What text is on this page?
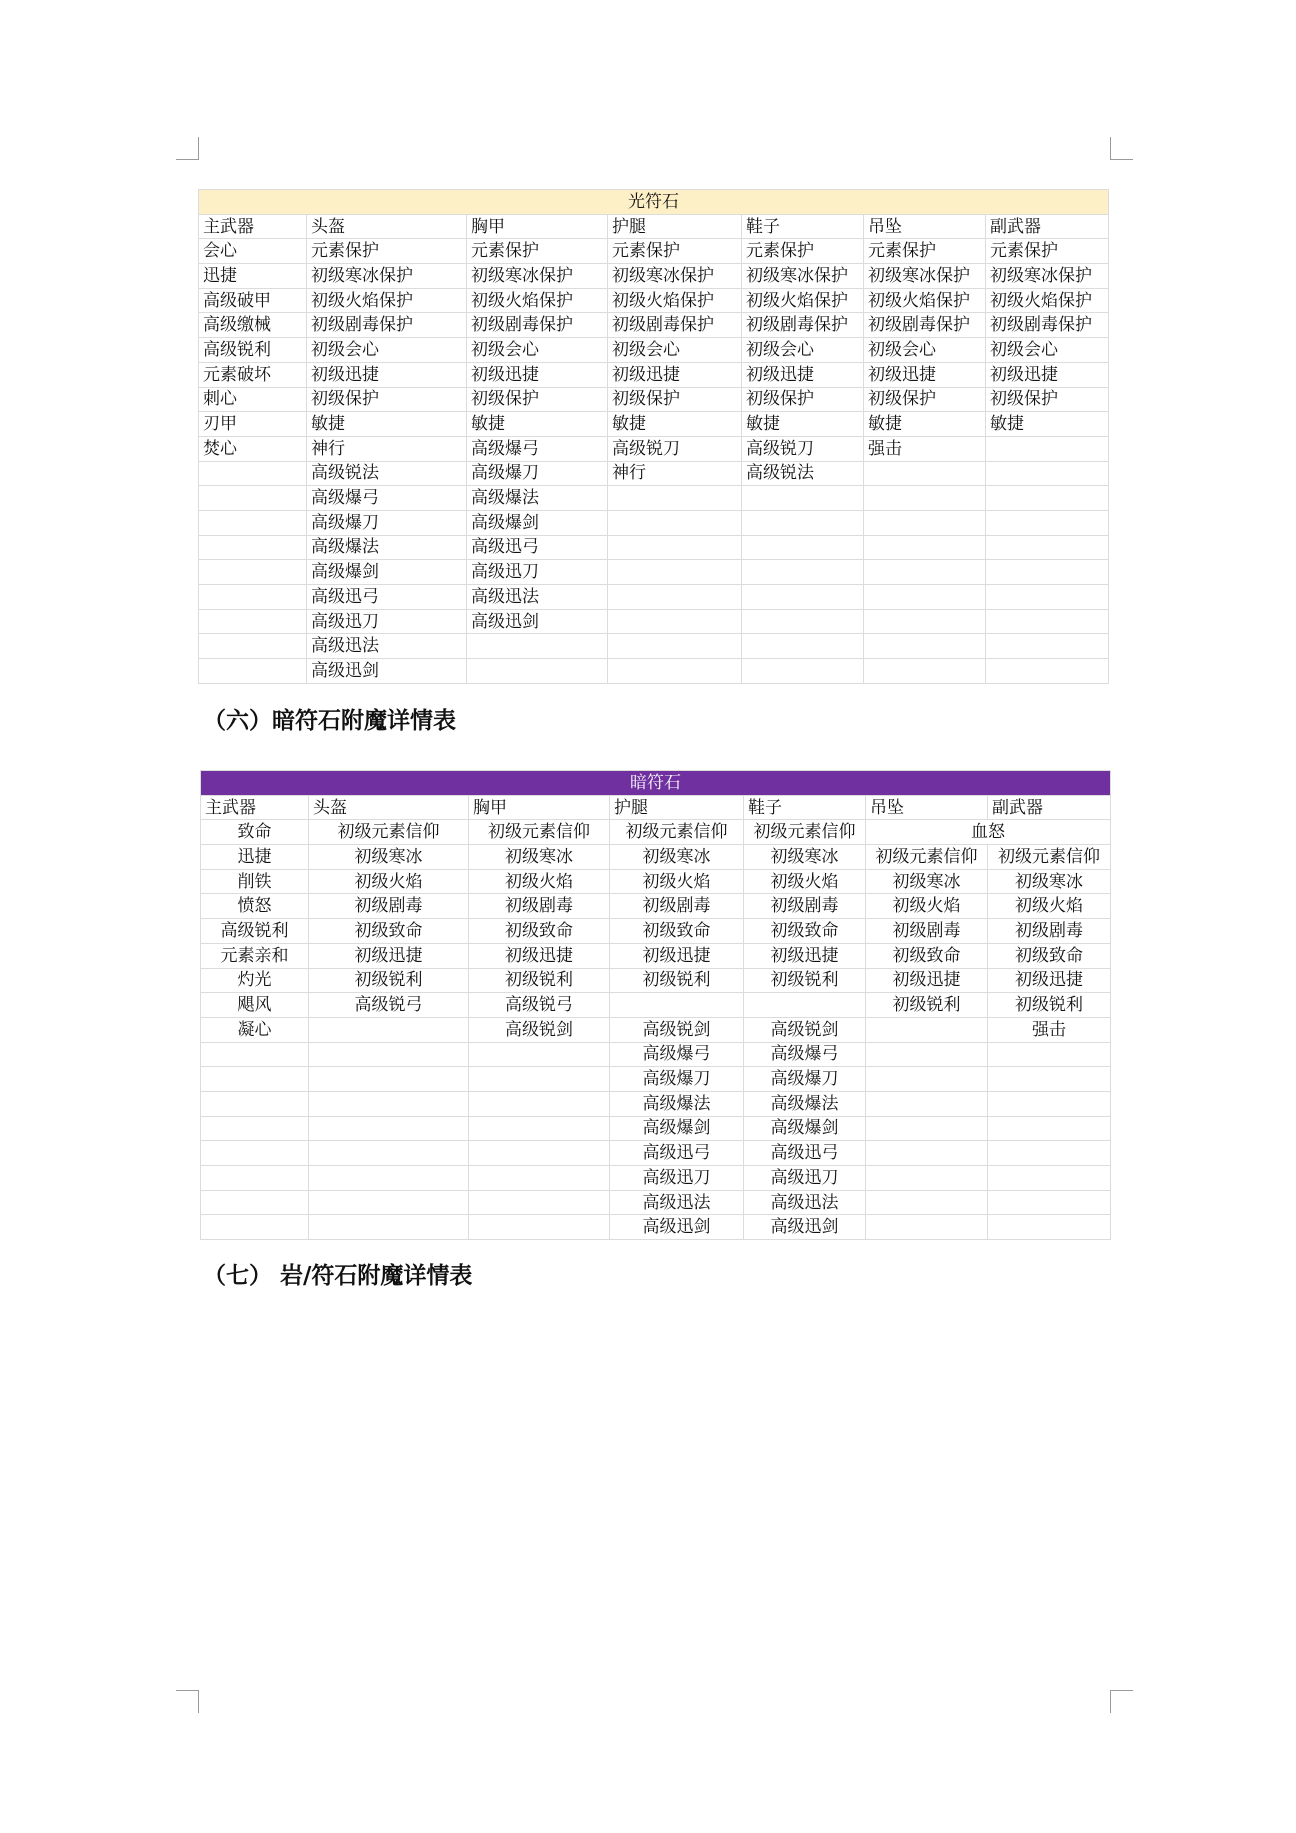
光符石						
主武器	头盔	胸甲	护腿	鞋子	吊坠	副武器
会心	元素保护	元素保护	元素保护	元素保护	元素保护	元素保护
迅捷	初级寒冰保护	初级寒冰保护	初级寒冰保护	初级寒冰保护	初级寒冰保护	初级寒冰保护
高级破甲	初级火焰保护	初级火焰保护	初级火焰保护	初级火焰保护	初级火焰保护	初级火焰保护
高级缴械	初级剧毒保护	初级剧毒保护	初级剧毒保护	初级剧毒保护	初级剧毒保护	初级剧毒保护
高级锐利	初级会心	初级会心	初级会心	初级会心	初级会心	初级会心
元素破坏	初级迅捷	初级迅捷	初级迅捷	初级迅捷	初级迅捷	初级迅捷
刺心	初级保护	初级保护	初级保护	初级保护	初级保护	初级保护
刃甲	敏捷	敏捷	敏捷	敏捷	敏捷	敏捷
焚心	神行	高级爆弓	高级锐刀	高级锐刀	强击	
	高级锐法	高级爆刀	神行	高级锐法		
	高级爆弓	高级爆法				
	高级爆刀	高级爆剑				
	高级爆法	高级迅弓				
	高级爆剑	高级迅刀				
	高级迅弓	高级迅法				
	高级迅刀	高级迅剑				
	高级迅法					
	高级迅剑					
（六）暗符石附魔详情表
暗符石						
主武器	头盔	胸甲	护腿	鞋子	吊坠	副武器
致命	初级元素信仰	初级元素信仰	初级元素信仰	初级元素信仰	血怒	
迅捷	初级寒冰	初级寒冰	初级寒冰	初级寒冰	初级元素信仰	初级元素信仰
削铁	初级火焰	初级火焰	初级火焰	初级火焰	初级寒冰	初级寒冰
愤怒	初级剧毒	初级剧毒	初级剧毒	初级剧毒	初级火焰	初级火焰
高级锐利	初级致命	初级致命	初级致命	初级致命	初级剧毒	初级剧毒
元素亲和	初级迅捷	初级迅捷	初级迅捷	初级迅捷	初级致命	初级致命
灼光	初级锐利	初级锐利	初级锐利	初级锐利	初级迅捷	初级迅捷
飓风	高级锐弓	高级锐弓			初级锐利	初级锐利
凝心		高级锐剑	高级锐剑	高级锐剑		强击
			高级爆弓	高级爆弓		
			高级爆刀	高级爆刀		
			高级爆法	高级爆法		
			高级爆剑	高级爆剑		
			高级迅弓	高级迅弓		
			高级迅刀	高级迅刀		
			高级迅法	高级迅法		
			高级迅剑	高级迅剑		
（七） 岩/符石附魔详情表
